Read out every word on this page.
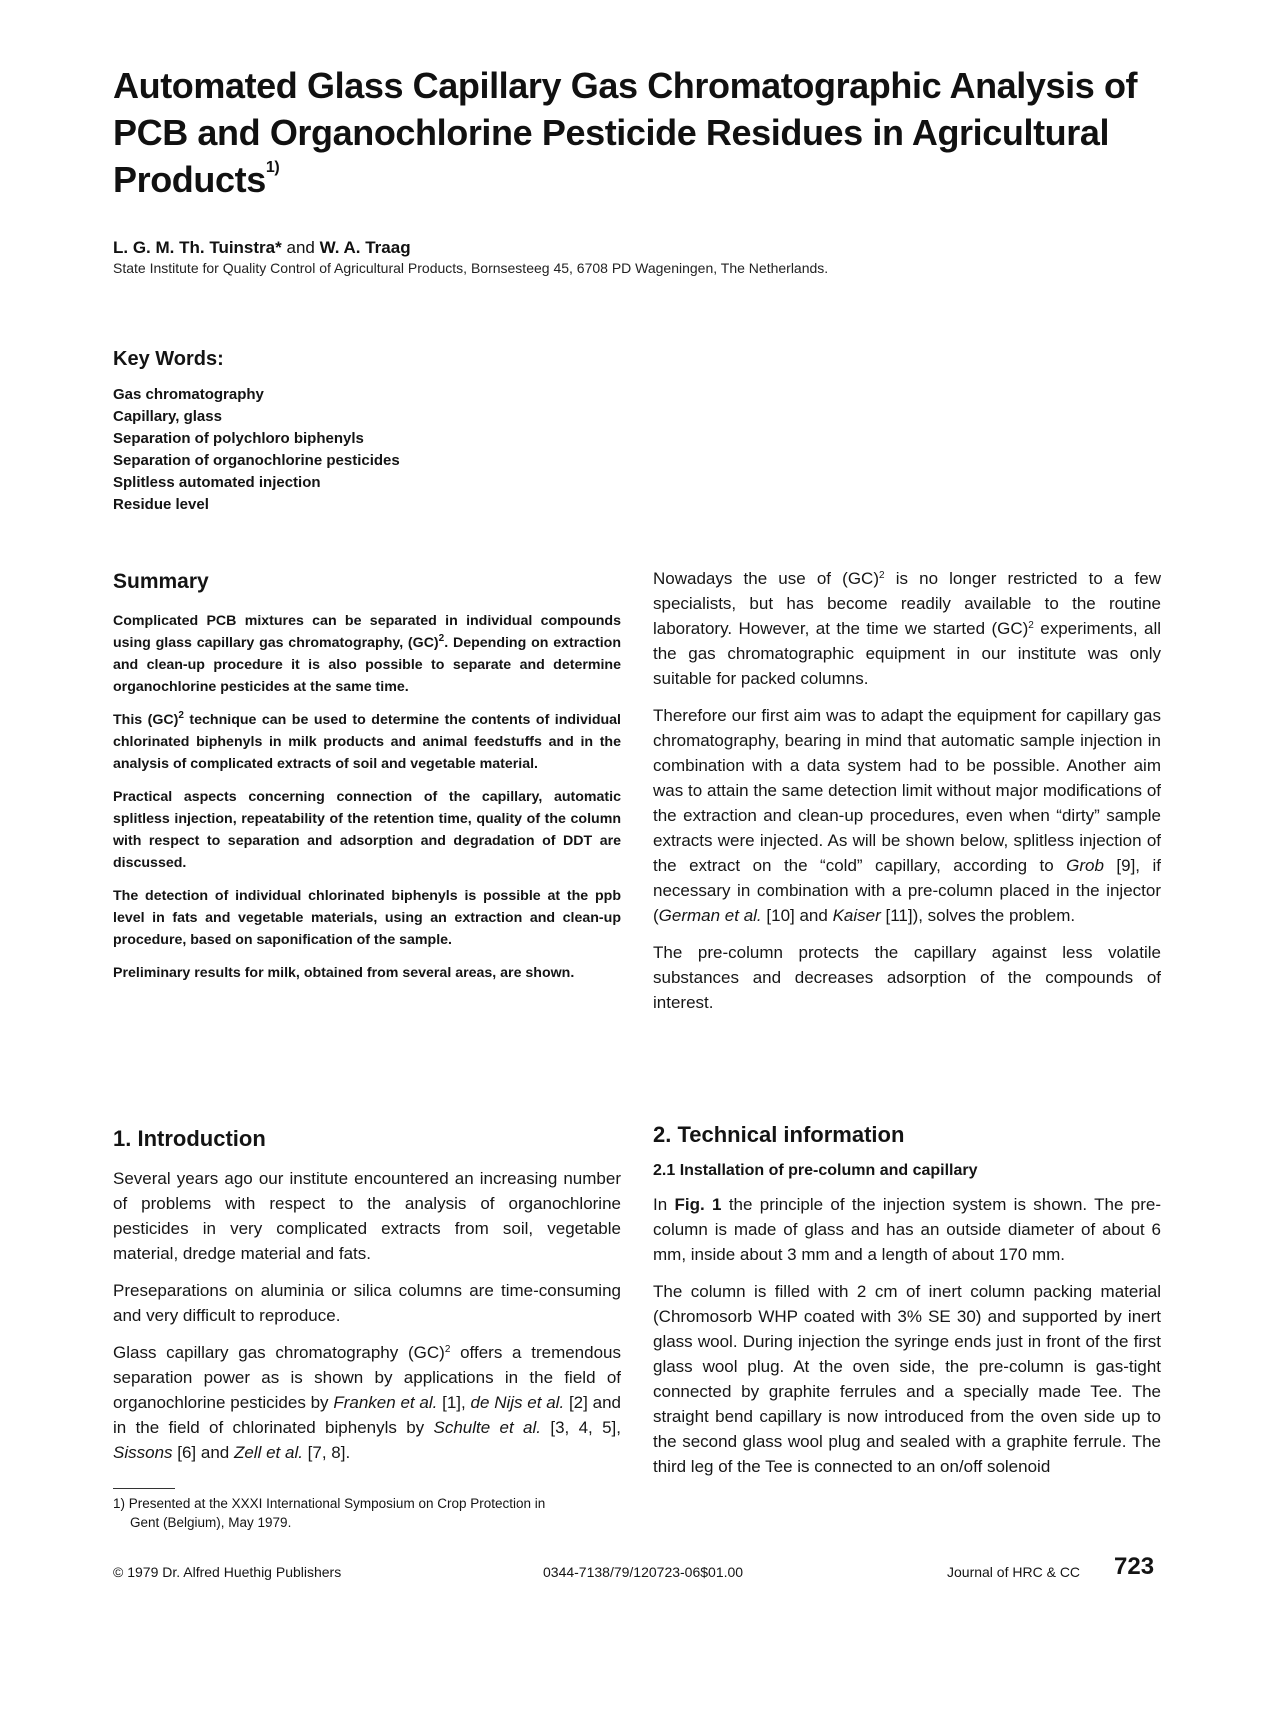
Automated Glass Capillary Gas Chromatographic Analysis of PCB and Organochlorine Pesticide Residues in Agricultural Products$^{1)}$

L. G. M. Th. Tuinstra* and W. A. Traag

State Institute for Quality Control of Agricultural Products, Bornsesteeg 45, 6708 PD Wageningen, The Netherlands.

Key Words:
Gas chromatography
Capillary, glass
Separation of polychloro biphenyls
Separation of organochlorine pesticides
Splitless automated injection
Residue level
Summary

Complicated PCB mixtures can be separated in individual compounds using glass capillary gas chromatography, (GC)$^2$. Depending on extraction and clean-up procedure it is also possible to separate and determine organochlorine pesticides at the same time.

This (GC)$^2$ technique can be used to determine the contents of individual chlorinated biphenyls in milk products and animal feedstuffs and in the analysis of complicated extracts of soil and vegetable material.

Practical aspects concerning connection of the capillary, automatic splitless injection, repeatability of the retention time, quality of the column with respect to separation and adsorption and degradation of DDT are discussed.

The detection of individual chlorinated biphenyls is possible at the ppb level in fats and vegetable materials, using an extraction and clean-up procedure, based on saponification of the sample.

Preliminary results for milk, obtained from several areas, are shown.

1. Introduction

Several years ago our institute encountered an increasing number of problems with respect to the analysis of organochlorine pesticides in very complicated extracts from soil, vegetable material, dredge material and fats.

Preseparations on aluminia or silica columns are time-consuming and very difficult to reproduce.

Glass capillary gas chromatography (GC)$^2$ offers a tremendous separation power as is shown by applications in the field of organochlorine pesticides by Franken et al. [1], de Nijs et al. [2] and in the field of chlorinated biphenyls by Schulte et al. [3, 4, 5], Sissons [6] and Zell et al. [7, 8].

Nowadays the use of (GC)$^2$ is no longer restricted to a few specialists, but has become readily available to the routine laboratory. However, at the time we started (GC)$^2$ experiments, all the gas chromatographic equipment in our institute was only suitable for packed columns.

Therefore our first aim was to adapt the equipment for capillary gas chromatography, bearing in mind that automatic sample injection in combination with a data system had to be possible. Another aim was to attain the same detection limit without major modifications of the extraction and clean-up procedures, even when “dirty” sample extracts were injected. As will be shown below, splitless injection of the extract on the “cold” capillary, according to Grob [9], if necessary in combination with a pre-column placed in the injector (German et al. [10] and Kaiser [11]), solves the problem.

The pre-column protects the capillary against less volatile substances and decreases adsorption of the compounds of interest.

2. Technical information
2.1 Installation of pre-column and capillary

In Fig. 1 the principle of the injection system is shown. The pre-column is made of glass and has an outside diameter of about 6 mm, inside about 3 mm and a length of about 170 mm.

The column is filled with 2 cm of inert column packing material (Chromosorb WHP coated with 3% SE 30) and supported by inert glass wool. During injection the syringe ends just in front of the first glass wool plug. At the oven side, the pre-column is gas-tight connected by graphite ferrules and a specially made Tee. The straight bend capillary is now introduced from the oven side up to the second glass wool plug and sealed with a graphite ferrule. The third leg of the Tee is connected to an on/off solenoid

1) Presented at the XXXI International Symposium on Crop Protection in
Gent (Belgium), May 1979.

© 1979 Dr. Alfred Huethig Publishers	0344-7138/79/120723-06$01.00	Journal of HRC & CC 723
